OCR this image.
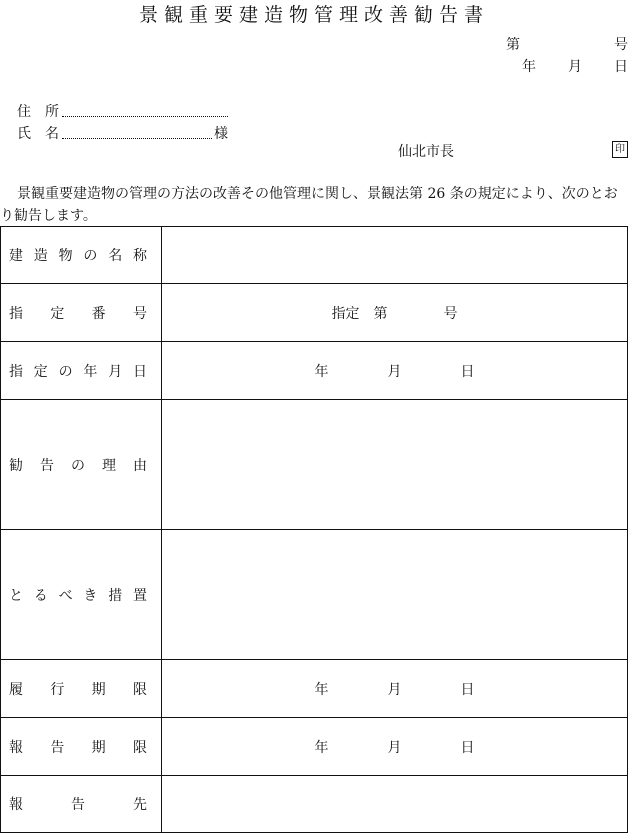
景観重要建造物管理改善勧告書
第	号
年 月 日
住所
氏名	様
仙北市長	印
景観重要建造物の管理の方法の改善その他管理に関し、景観法第 26 条の規定により、次のとおり勧告します。
建造物の名称	

指定番号	指定　第　　　　号

指定の年月日	年　　月　　日

勧告の理由	

とるべき措置	

履行期限	年　　月　　日

報告期限	年　　月　　日

報告先	
